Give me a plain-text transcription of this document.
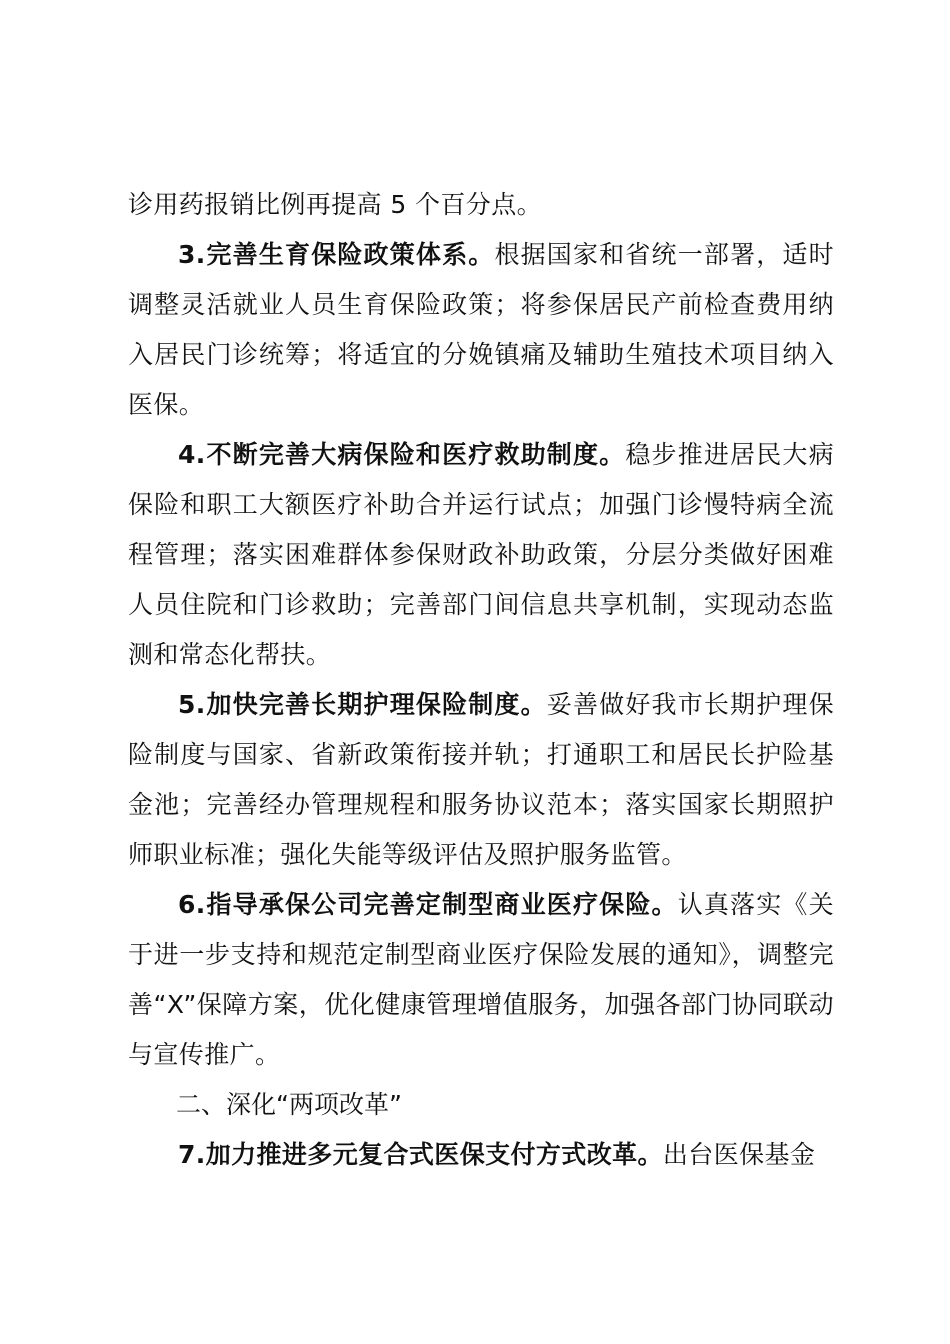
诊用药报销比例再提高 5 个百分点。

3.完善生育保险政策体系。根据国家和省统一部署，适时调整灵活就业人员生育保险政策；将参保居民产前检查费用纳入居民门诊统筹；将适宜的分娩镇痛及辅助生殖技术项目纳入医保。

4.不断完善大病保险和医疗救助制度。稳步推进居民大病保险和职工大额医疗补助合并运行试点；加强门诊慢特病全流程管理；落实困难群体参保财政补助政策，分层分类做好困难人员住院和门诊救助；完善部门间信息共享机制，实现动态监测和常态化帮扶。

5.加快完善长期护理保险制度。妥善做好我市长期护理保险制度与国家、省新政策衔接并轨；打通职工和居民长护险基金池；完善经办管理规程和服务协议范本；落实国家长期照护师职业标准；强化失能等级评估及照护服务监管。

6.指导承保公司完善定制型商业医疗保险。认真落实《关于进一步支持和规范定制型商业医疗保险发展的通知》，调整完善“X”保障方案，优化健康管理增值服务，加强各部门协同联动与宣传推广。

二、深化“两项改革”

7.加力推进多元复合式医保支付方式改革。出台医保基金
